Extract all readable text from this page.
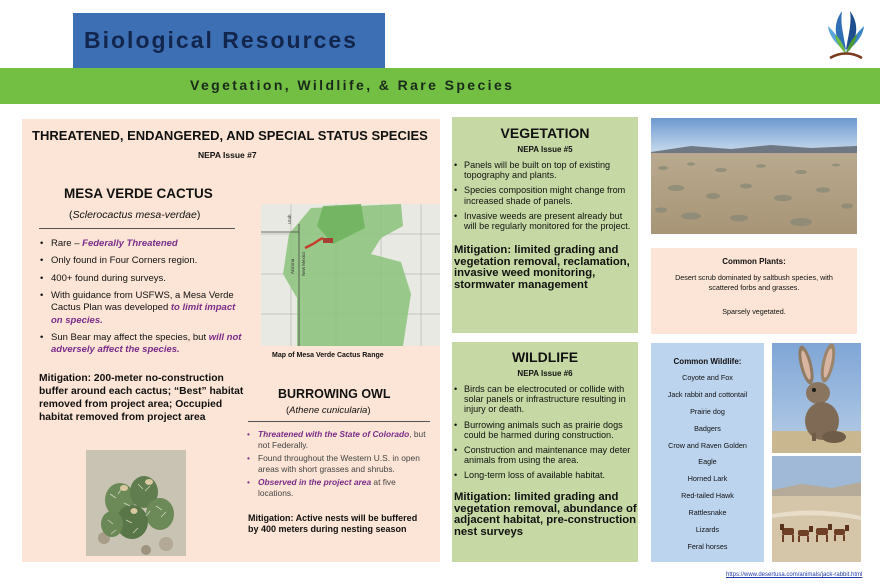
Biological Resources
Vegetation, Wildlife, & Rare Species
THREATENED, ENDANGERED, AND SPECIAL STATUS SPECIES
NEPA Issue #7
MESA VERDE CACTUS
(Sclerocactus mesa-verdae)
• Rare – Federally Threatened
• Only found in Four Corners region.
• 400+ found during surveys.
• With guidance from USFWS, a Mesa Verde Cactus Plan was developed to limit impact on species.
• Sun Bear may affect the species, but will not adversely affect the species.
Mitigation: 200-meter no-construction buffer around each cactus; “Best” habitat removed from project area; Occupied habitat removed from project area
Utah
Arizona New Mexico
Map of Mesa Verde Cactus Range
BURROWING OWL
(Athene cunicularia)
• Threatened with the State of Colorado, but not Federally.
• Found throughout the Western U.S. in open areas with short grasses and shrubs.
• Observed in the project area at five locations.
Mitigation: Active nests will be buffered by 400 meters during nesting season
VEGETATION
NEPA Issue #5
• Panels will be built on top of existing topography and plants.
• Species composition might change from increased shade of panels.
• Invasive weeds are present already but will be regularly monitored for the project.
Mitigation: limited grading and vegetation removal, reclamation, invasive weed monitoring, stormwater management
WILDLIFE
NEPA Issue #6
• Birds can be electrocuted or collide with solar panels or infrastructure resulting in injury or death.
• Burrowing animals such as prairie dogs could be harmed during construction.
• Construction and maintenance may deter animals from using the area.
• Long-term loss of available habitat.
Mitigation: limited grading and vegetation removal, abundance of adjacent habitat, pre-construction nest surveys
Common Plants:
Desert scrub dominated by saltbush species, with scattered forbs and grasses.
Sparsely vegetated.
Common Wildlife:
Coyote and Fox
Jack rabbit and cottontail
Prairie dog
Badgers
Crow and Raven Golden
Eagle
Horned Lark
Red-tailed Hawk
Rattlesnake
Lizards
Feral horses
https://www.desertusa.com/animals/jack-rabbit.html
